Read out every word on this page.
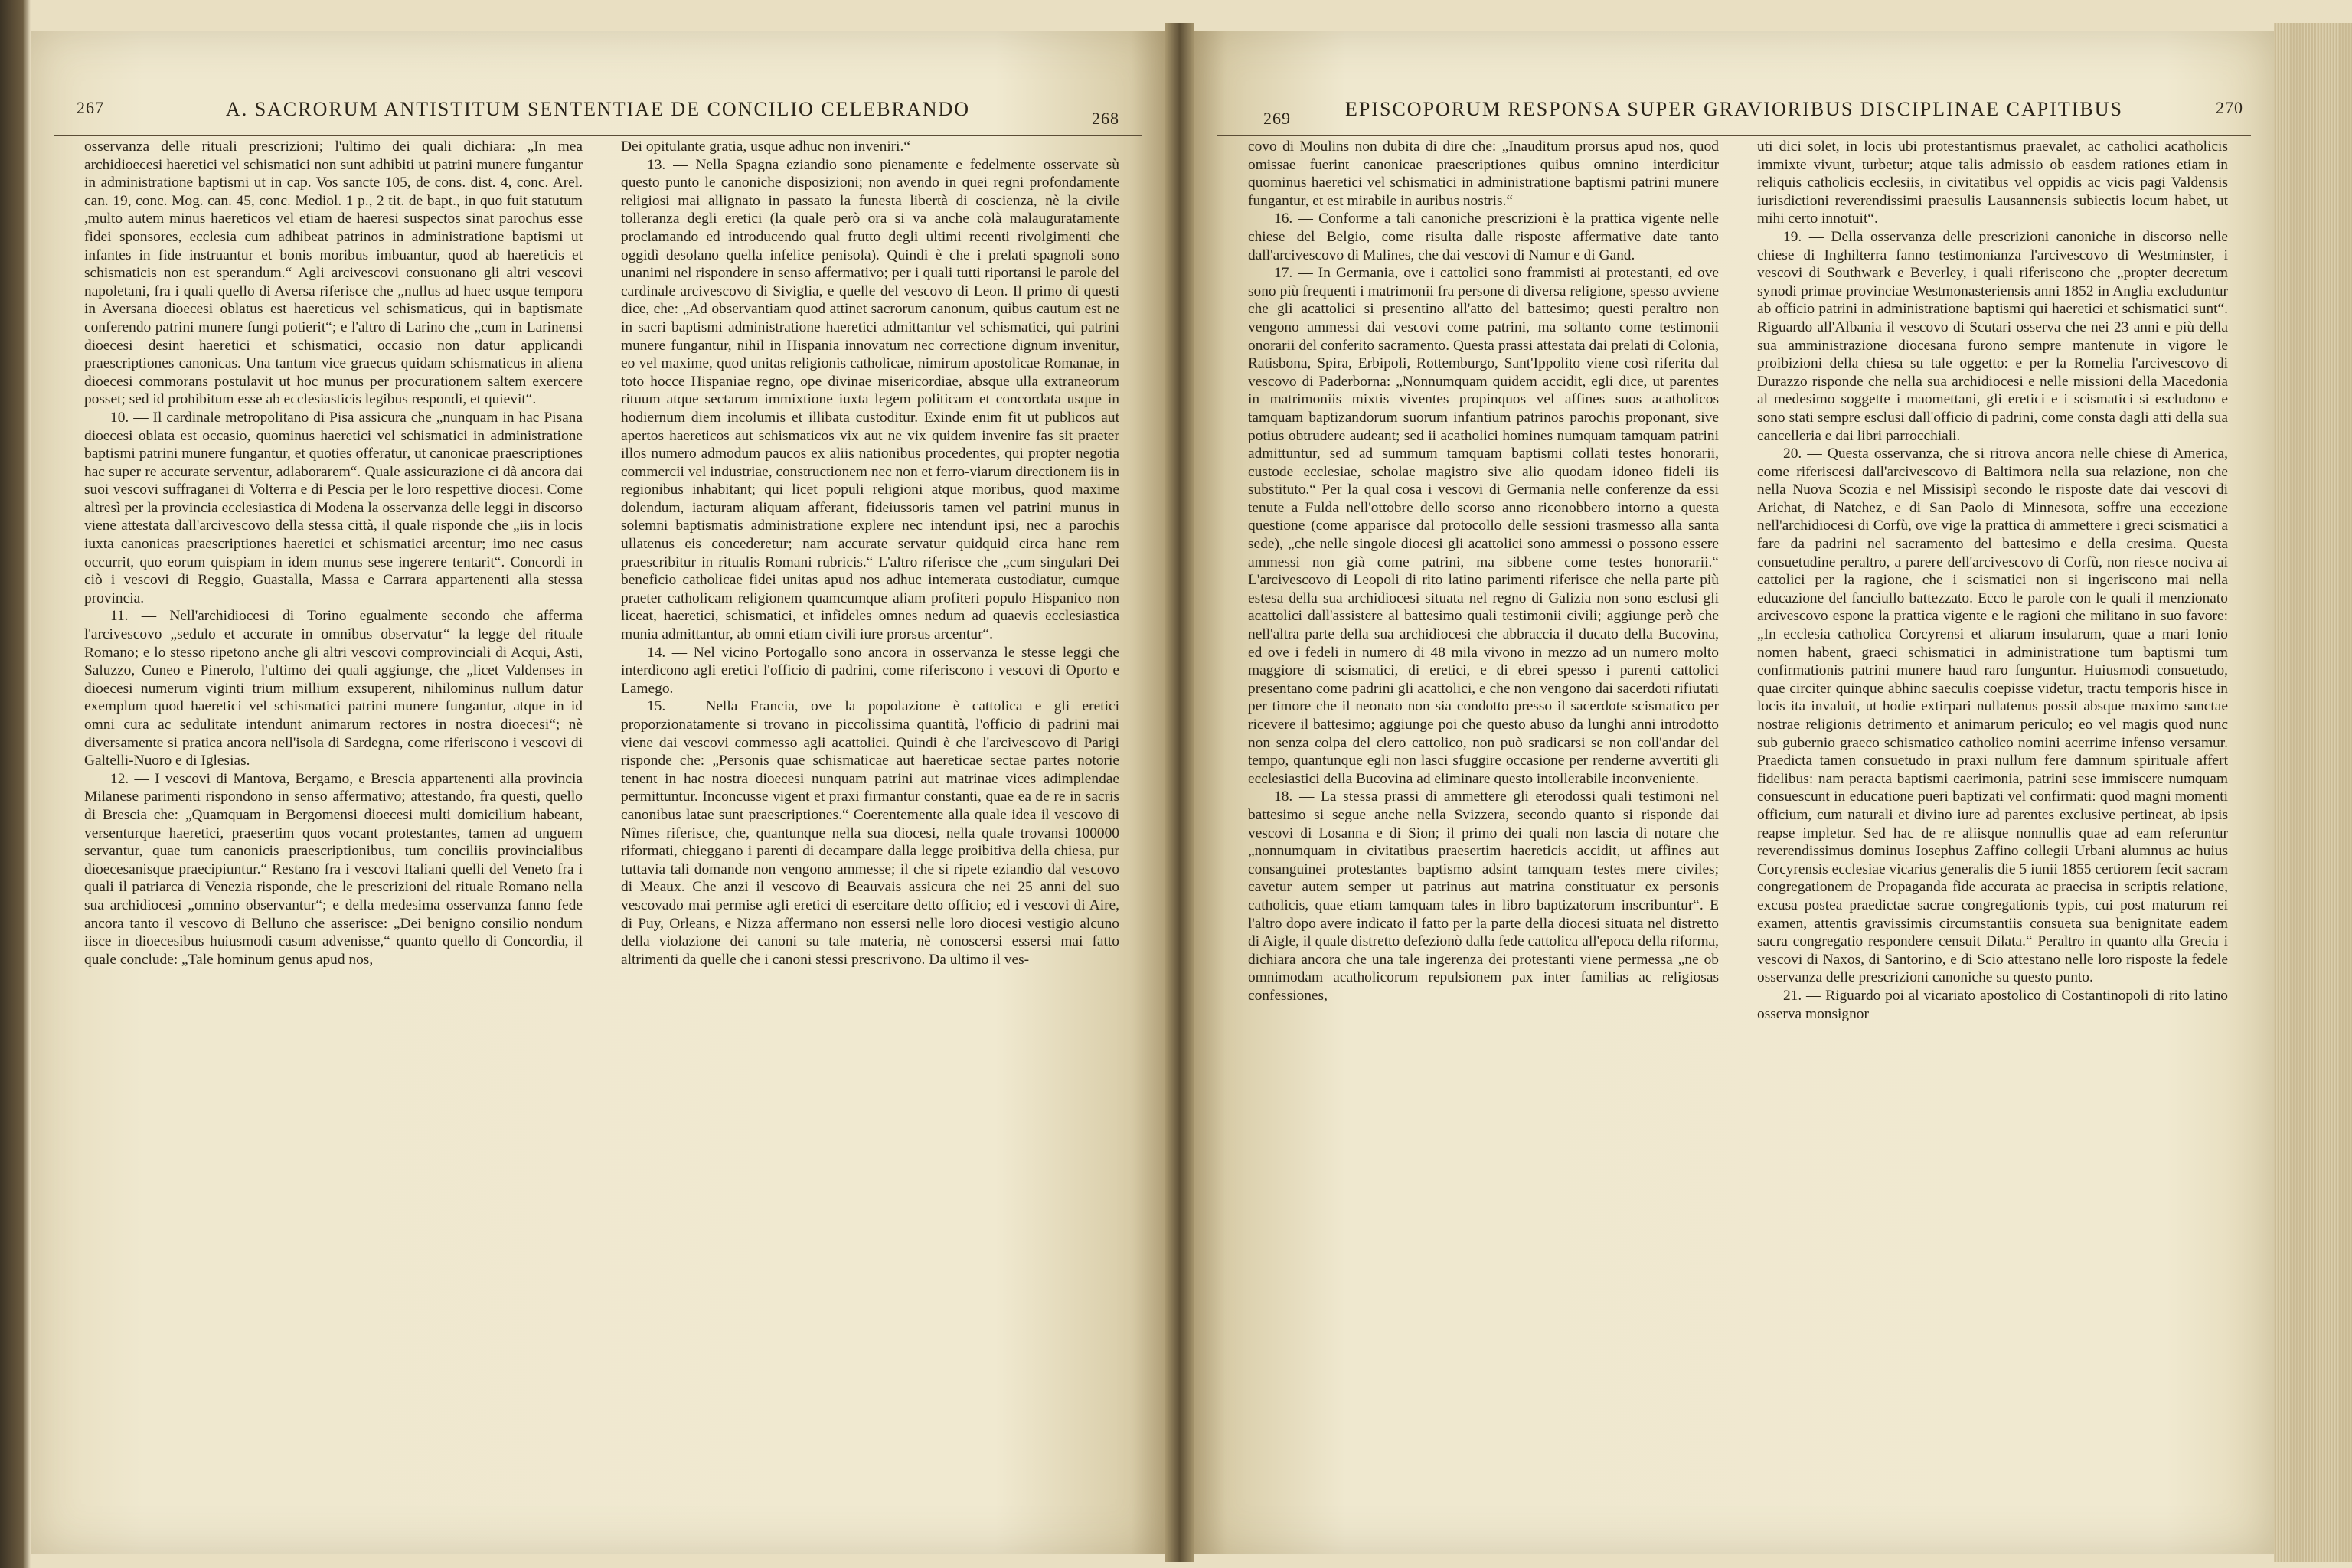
267	A. SACRORUM ANTISTITUM SENTENTIAE DE CONCILIO CELEBRANDO	268

osservanza delle rituali prescrizioni; l'ultimo dei quali dichiara: „In mea archidioecesi haeretici vel schismatici non sunt adhibiti ut patrini munere fungantur in administratione baptismi ut in cap. Vos sancte 105, de cons. dist. 4, conc. Arel. can. 19, conc. Mog. can. 45, conc. Mediol. 1 p., 2 tit. de bapt., in quo fuit statutum ,multo autem minus haereticos vel etiam de haeresi suspectos sinat parochus esse fidei sponsores, ecclesia cum adhibeat patrinos in administratione baptismi ut infantes in fide instruantur et bonis moribus imbuantur, quod ab haereticis et schismaticis non est sperandum.“ Agli arcivescovi consuonano gli altri vescovi napoletani, fra i quali quello di Aversa riferisce che „nullus ad haec usque tempora in Aversana dioecesi oblatus est haereticus vel schismaticus, qui in baptismate conferendo patrini munere fungi potierit“; e l'altro di Larino che „cum in Larinensi dioecesi desint haeretici et schismatici, occasio non datur applicandi praescriptiones canonicas. Una tantum vice graecus quidam schismaticus in aliena dioecesi commorans postulavit ut hoc munus per procurationem saltem exercere posset; sed id prohibitum esse ab ecclesiasticis legibus respondi, et quievit“.

10. — Il cardinale metropolitano di Pisa assicura che „nunquam in hac Pisana dioecesi oblata est occasio, quominus haeretici vel schismatici in administratione baptismi patrini munere fungantur, et quoties offeratur, ut canonicae praescriptiones hac super re accurate serventur, adlaborarem“. Quale assicurazione ci dà ancora dai suoi vescovi suffraganei di Volterra e di Pescia per le loro respettive diocesi. Come altresì per la provincia ecclesiastica di Modena la osservanza delle leggi in discorso viene attestata dall'arcivescovo della stessa città, il quale risponde che „iis in locis iuxta canonicas praescriptiones haeretici et schismatici arcentur; imo nec casus occurrit, quo eorum quispiam in idem munus sese ingerere tentarit“. Concordi in ciò i vescovi di Reggio, Guastalla, Massa e Carrara appartenenti alla stessa provincia.

11. — Nell'archidiocesi di Torino egualmente secondo che afferma l'arcivescovo „sedulo et accurate in omnibus observatur“ la legge del rituale Romano; e lo stesso ripetono anche gli altri vescovi comprovinciali di Acqui, Asti, Saluzzo, Cuneo e Pinerolo, l'ultimo dei quali aggiunge, che „licet Valdenses in dioecesi numerum viginti trium millium exsuperent, nihilominus nullum datur exemplum quod haeretici vel schismatici patrini munere fungantur, atque in id omni cura ac sedulitate intendunt animarum rectores in nostra dioecesi“; nè diversamente si pratica ancora nell'isola di Sardegna, come riferiscono i vescovi di Galtelli-Nuoro e di Iglesias.

12. — I vescovi di Mantova, Bergamo, e Brescia appartenenti alla provincia Milanese parimenti rispondono in senso affermativo; attestando, fra questi, quello di Brescia che: „Quamquam in Bergomensi dioecesi multi domicilium habeant, versenturque haeretici, praesertim quos vocant protestantes, tamen ad unguem servantur, quae tum canonicis praescriptionibus, tum conciliis provincialibus dioecesanisque praecipiuntur.“ Restano fra i vescovi Italiani quelli del Veneto fra i quali il patriarca di Venezia risponde, che le prescrizioni del rituale Romano nella sua archidiocesi „omnino observantur“; e della medesima osservanza fanno fede ancora tanto il vescovo di Belluno che asserisce: „Dei benigno consilio nondum iisce in dioecesibus huiusmodi casum advenisse,“ quanto quello di Concordia, il quale conclude: „Tale hominum genus apud nos,

Dei opitulante gratia, usque adhuc non inveniri.“

13. — Nella Spagna eziandio sono pienamente e fedelmente osservate sù questo punto le canoniche disposizioni; non avendo in quei regni profondamente religiosi mai allignato in passato la funesta libertà di coscienza, nè la civile tolleranza degli eretici (la quale però ora si va anche colà malauguratamente proclamando ed introducendo qual frutto degli ultimi recenti rivolgimenti che oggidì desolano quella infelice penisola). Quindi è che i prelati spagnoli sono unanimi nel rispondere in senso affermativo; per i quali tutti riportansi le parole del cardinale arcivescovo di Siviglia, e quelle del vescovo di Leon. Il primo di questi dice, che: „Ad observantiam quod attinet sacrorum canonum, quibus cautum est ne in sacri baptismi administratione haeretici admittantur vel schismatici, qui patrini munere fungantur, nihil in Hispania innovatum nec correctione dignum invenitur, eo vel maxime, quod unitas religionis catholicae, nimirum apostolicae Romanae, in toto hocce Hispaniae regno, ope divinae misericordiae, absque ulla extraneorum rituum atque sectarum immixtione iuxta legem politicam et concordata usque in hodiernum diem incolumis et illibata custoditur. Exinde enim fit ut publicos aut apertos haereticos aut schismaticos vix aut ne vix quidem invenire fas sit praeter illos numero admodum paucos ex aliis nationibus procedentes, qui propter negotia commercii vel industriae, constructionem nec non et ferro-viarum directionem iis in regionibus inhabitant; qui licet populi religioni atque moribus, quod maxime dolendum, iacturam aliquam afferant, fideiussoris tamen vel patrini munus in solemni baptismatis administratione explere nec intendunt ipsi, nec a parochis ullatenus eis concederetur; nam accurate servatur quidquid circa hanc rem praescribitur in ritualis Romani rubricis.“ L'altro riferisce che „cum singulari Dei beneficio catholicae fidei unitas apud nos adhuc intemerata custodiatur, cumque praeter catholicam religionem quamcumque aliam profiteri populo Hispanico non liceat, haeretici, schismatici, et infideles omnes nedum ad quaevis ecclesiastica munia admittantur, ab omni etiam civili iure prorsus arcentur“.

14. — Nel vicino Portogallo sono ancora in osservanza le stesse leggi che interdicono agli eretici l'officio di padrini, come riferiscono i vescovi di Oporto e Lamego.

15. — Nella Francia, ove la popolazione è cattolica e gli eretici proporzionatamente si trovano in piccolissima quantità, l'officio di padrini mai viene dai vescovi commesso agli acattolici. Quindi è che l'arcivescovo di Parigi risponde che: „Personis quae schismaticae aut haereticae sectae partes notorie tenent in hac nostra dioecesi nunquam patrini aut matrinae vices adimplendae permittuntur. Inconcusse vigent et praxi firmantur constanti, quae ea de re in sacris canonibus latae sunt praescriptiones.“ Coerentemente alla quale idea il vescovo di Nîmes riferisce, che, quantunque nella sua diocesi, nella quale trovansi 100000 riformati, chieggano i parenti di decampare dalla legge proibitiva della chiesa, pur tuttavia tali domande non vengono ammesse; il che si ripete eziandio dal vescovo di Meaux. Che anzi il vescovo di Beauvais assicura che nei 25 anni del suo vescovado mai permise agli eretici di esercitare detto officio; ed i vescovi di Aire, di Puy, Orleans, e Nizza affermano non essersi nelle loro diocesi vestigio alcuno della violazione dei canoni su tale materia, nè conoscersi essersi mai fatto altrimenti da quelle che i canoni stessi prescrivono. Da ultimo il ves-

269	EPISCOPORUM RESPONSA SUPER GRAVIORIBUS DISCIPLINAE CAPITIBUS	270

covo di Moulins non dubita di dire che: „Inauditum prorsus apud nos, quod omissae fuerint canonicae praescriptiones quibus omnino interdicitur quominus haeretici vel schismatici in administratione baptismi patrini munere fungantur, et est mirabile in auribus nostris.“

16. — Conforme a tali canoniche prescrizioni è la prattica vigente nelle chiese del Belgio, come risulta dalle risposte affermative date tanto dall'arcivescovo di Malines, che dai vescovi di Namur e di Gand.

17. — In Germania, ove i cattolici sono frammisti ai protestanti, ed ove sono più frequenti i matrimonii fra persone di diversa religione, spesso avviene che gli acattolici si presentino all'atto del battesimo; questi peraltro non vengono ammessi dai vescovi come patrini, ma soltanto come testimonii onorarii del conferito sacramento. Questa prassi attestata dai prelati di Colonia, Ratisbona, Spira, Erbipoli, Rottemburgo, Sant'Ippolito viene così riferita dal vescovo di Paderborna: „Nonnumquam quidem accidit, egli dice, ut parentes in matrimoniis mixtis viventes propinquos vel affines suos acatholicos tamquam baptizandorum suorum infantium patrinos parochis proponant, sive potius obtrudere audeant; sed ii acatholici homines numquam tamquam patrini admittuntur, sed ad summum tamquam baptismi collati testes honorarii, custode ecclesiae, scholae magistro sive alio quodam idoneo fideli iis substituto.“ Per la qual cosa i vescovi di Germania nelle conferenze da essi tenute a Fulda nell'ottobre dello scorso anno riconobbero intorno a questa questione (come apparisce dal protocollo delle sessioni trasmesso alla santa sede), „che nelle singole diocesi gli acattolici sono ammessi o possono essere ammessi non già come patrini, ma sibbene come testes honorarii.“ L'arcivescovo di Leopoli di rito latino parimenti riferisce che nella parte più estesa della sua archidiocesi situata nel regno di Galizia non sono esclusi gli acattolici dall'assistere al battesimo quali testimonii civili; aggiunge però che nell'altra parte della sua archidiocesi che abbraccia il ducato della Bucovina, ed ove i fedeli in numero di 48 mila vivono in mezzo ad un numero molto maggiore di scismatici, di eretici, e di ebrei spesso i parenti cattolici presentano come padrini gli acattolici, e che non vengono dai sacerdoti rifiutati per timore che il neonato non sia condotto presso il sacerdote scismatico per ricevere il battesimo; aggiunge poi che questo abuso da lunghi anni introdotto non senza colpa del clero cattolico, non può sradicarsi se non coll'andar del tempo, quantunque egli non lasci sfuggire occasione per renderne avvertiti gli ecclesiastici della Bucovina ad eliminare questo intollerabile inconveniente.

18. — La stessa prassi di ammettere gli eterodossi quali testimoni nel battesimo si segue anche nella Svizzera, secondo quanto si risponde dai vescovi di Losanna e di Sion; il primo dei quali non lascia di notare che „nonnumquam in civitatibus praesertim haereticis accidit, ut affines aut consanguinei protestantes baptismo adsint tamquam testes mere civiles; cavetur autem semper ut patrinus aut matrina constituatur ex personis catholicis, quae etiam tamquam tales in libro baptizatorum inscribuntur“. E l'altro dopo avere indicato il fatto per la parte della diocesi situata nel distretto di Aigle, il quale distretto defezionò dalla fede cattolica all'epoca della riforma, dichiara ancora che una tale ingerenza dei protestanti viene permessa „ne ob omnimodam acatholicorum repulsionem pax inter familias ac religiosas confessiones,

uti dici solet, in locis ubi protestantismus praevalet, ac catholici acatholicis immixte vivunt, turbetur; atque talis admissio ob easdem rationes etiam in reliquis catholicis ecclesiis, in civitatibus vel oppidis ac vicis pagi Valdensis iurisdictioni reverendissimi praesulis Lausannensis subiectis locum habet, ut mihi certo innotuit“.

19. — Della osservanza delle prescrizioni canoniche in discorso nelle chiese di Inghilterra fanno testimonianza l'arcivescovo di Westminster, i vescovi di Southwark e Beverley, i quali riferiscono che „propter decretum synodi primae provinciae Westmonasteriensis anni 1852 in Anglia excluduntur ab officio patrini in administratione baptismi qui haeretici et schismatici sunt“. Riguardo all'Albania il vescovo di Scutari osserva che nei 23 anni e più della sua amministrazione diocesana furono sempre mantenute in vigore le proibizioni della chiesa su tale oggetto: e per la Romelia l'arcivescovo di Durazzo risponde che nella sua archidiocesi e nelle missioni della Macedonia al medesimo soggette i maomettani, gli eretici e i scismatici si escludono e sono stati sempre esclusi dall'officio di padrini, come consta dagli atti della sua cancelleria e dai libri parrocchiali.

20. — Questa osservanza, che si ritrova ancora nelle chiese di America, come riferiscesi dall'arcivescovo di Baltimora nella sua relazione, non che nella Nuova Scozia e nel Missisipì secondo le risposte date dai vescovi di Arichat, di Natchez, e di San Paolo di Minnesota, soffre una eccezione nell'archidiocesi di Corfù, ove vige la prattica di ammettere i greci scismatici a fare da padrini nel sacramento del battesimo e della cresima. Questa consuetudine peraltro, a parere dell'arcivescovo di Corfù, non riesce nociva ai cattolici per la ragione, che i scismatici non si ingeriscono mai nella educazione del fanciullo battezzato. Ecco le parole con le quali il menzionato arcivescovo espone la prattica vigente e le ragioni che militano in suo favore: „In ecclesia catholica Corcyrensi et aliarum insularum, quae a mari Ionio nomen habent, graeci schismatici in administratione tum baptismi tum confirmationis patrini munere haud raro funguntur. Huiusmodi consuetudo, quae circiter quinque abhinc saeculis coepisse videtur, tractu temporis hisce in locis ita invaluit, ut hodie extirpari nullatenus possit absque maximo sanctae nostrae religionis detrimento et animarum periculo; eo vel magis quod nunc sub gubernio graeco schismatico catholico nomini acerrime infenso versamur. Praedicta tamen consuetudo in praxi nullum fere damnum spirituale affert fidelibus: nam peracta baptismi caerimonia, patrini sese immiscere numquam consuescunt in educatione pueri baptizati vel confirmati: quod magni momenti officium, cum naturali et divino iure ad parentes exclusive pertineat, ab ipsis reapse impletur. Sed hac de re aliisque nonnullis quae ad eam referuntur reverendissimus dominus Iosephus Zaffino collegii Urbani alumnus ac huius Corcyrensis ecclesiae vicarius generalis die 5 iunii 1855 certiorem fecit sacram congregationem de Propaganda fide accurata ac praecisa in scriptis relatione, excusa postea praedictae sacrae congregationis typis, cui post maturum rei examen, attentis gravissimis circumstantiis consueta sua benignitate eadem sacra congregatio respondere censuit Dilata.“ Peraltro in quanto alla Grecia i vescovi di Naxos, di Santorino, e di Scio attestano nelle loro risposte la fedele osservanza delle prescrizioni canoniche su questo punto.

21. — Riguardo poi al vicariato apostolico di Costantinopoli di rito latino osserva monsignor
